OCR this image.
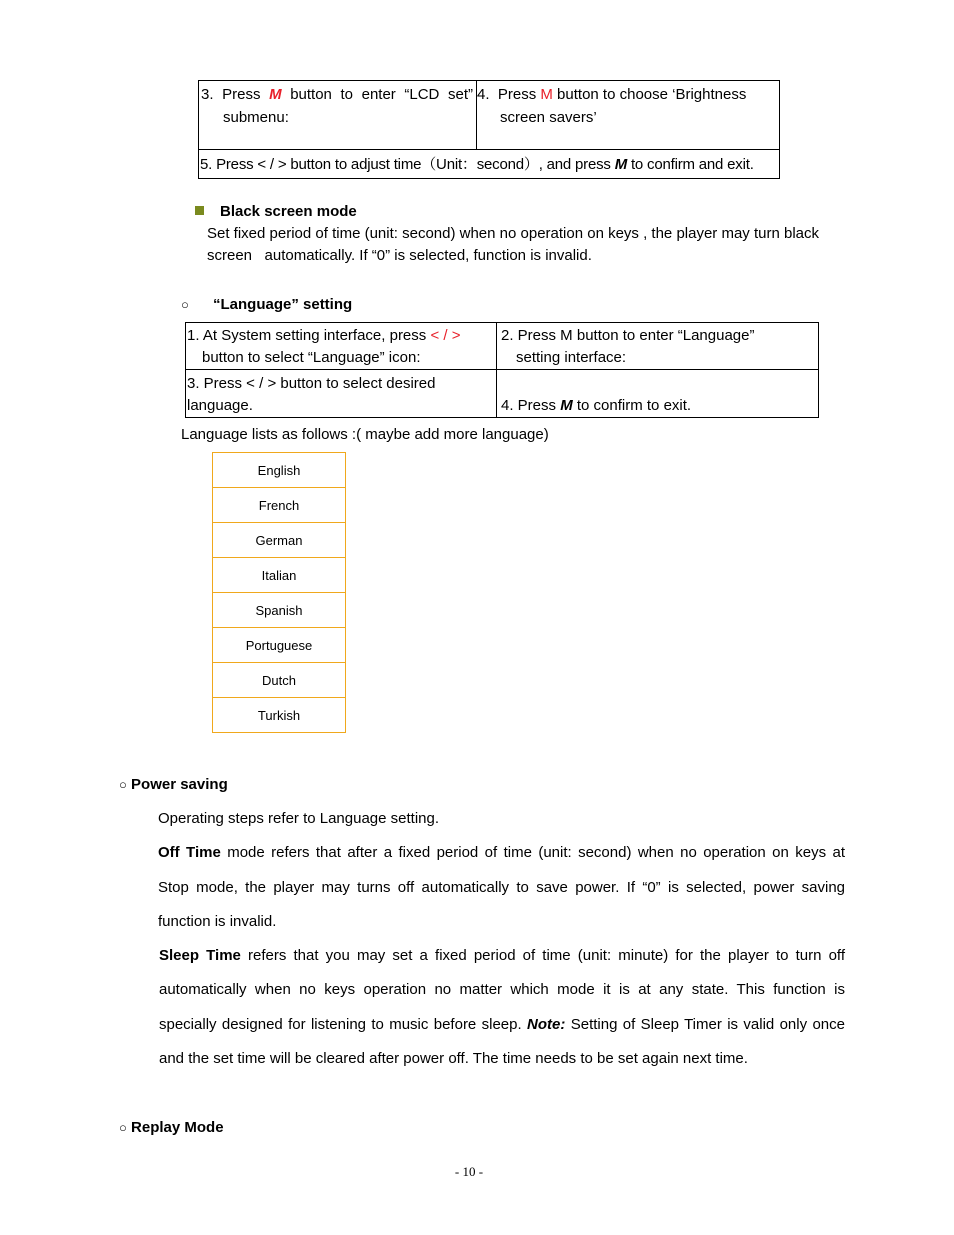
3. Press M button to enter “LCD set”
submenu:
4. Press M button to choose ‘Brightness
screen savers’
5. Press < / > button to adjust time（Unit：second）, and press M to confirm and exit.
Black screen mode
Set fixed period of time (unit: second) when no operation on keys , the player may turn black
screen   automatically. If “0” is selected, function is invalid.
○ “Language” setting
1. At System setting interface, press < / >
button to select “Language” icon:
2. Press M button to enter “Language”
setting interface:
3. Press < / > button to select desired
language.	4. Press M to confirm to exit.
Language lists as follows :( maybe add more language)
English
French
German
Italian
Spanish
Portuguese
Dutch
Turkish
○ Power saving
Operating steps refer to Language setting.
Off Time mode refers that after a fixed period of time (unit: second) when no operation on keys at
Stop mode, the player may turns off automatically to save power. If “0” is selected, power saving
function is invalid.
Sleep Time refers that you may set a fixed period of time (unit: minute) for the player to turn off
automatically when no keys operation no matter which mode it is at any state. This function is
specially designed for listening to music before sleep. Note: Setting of Sleep Timer is valid only once
and the set time will be cleared after power off. The time needs to be set again next time.
○ Replay Mode
- 10 -
